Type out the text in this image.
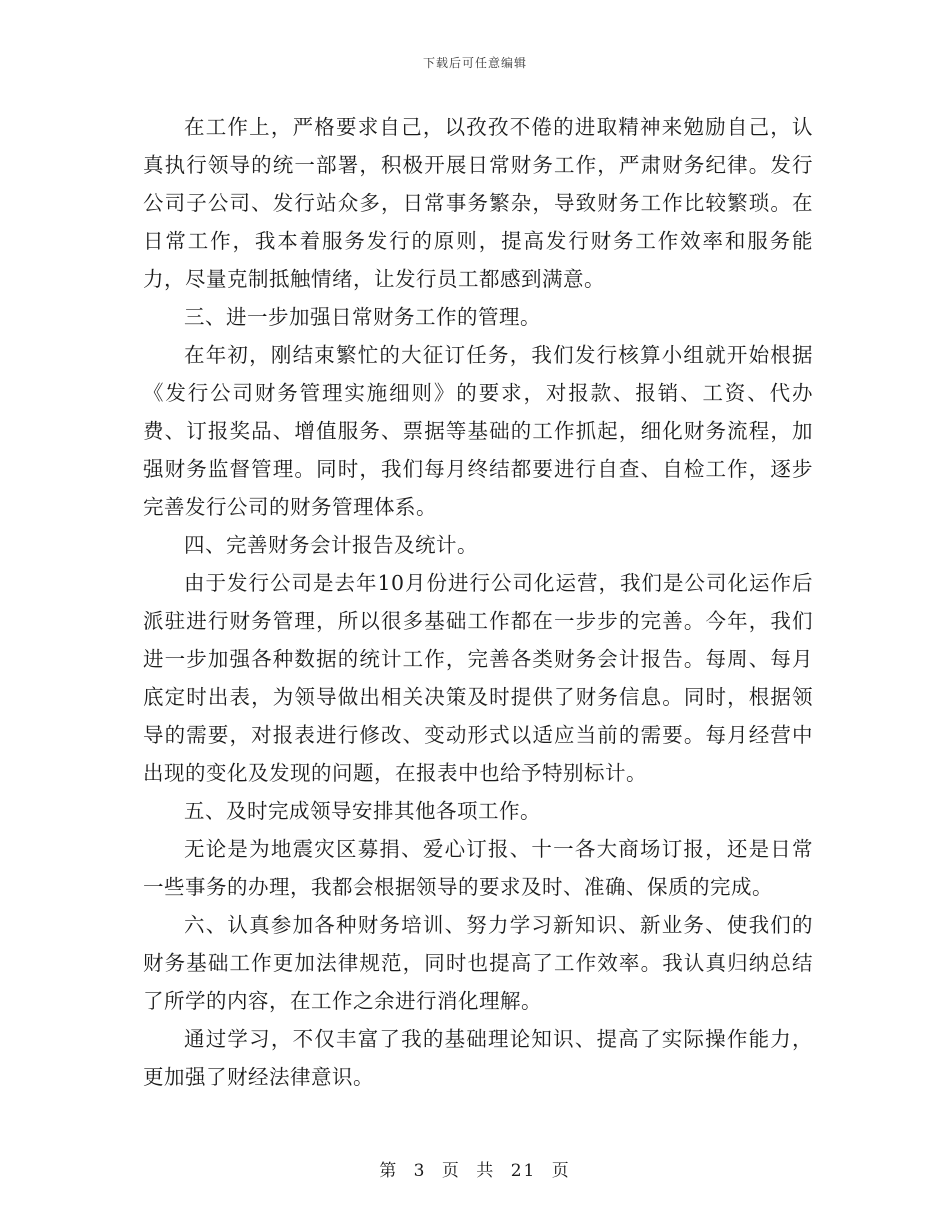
下载后可任意编辑

在工作上，严格要求自己，以孜孜不倦的进取精神来勉励自己，认真执行领导的统一部署，积极开展日常财务工作，严肃财务纪律。发行公司子公司、发行站众多，日常事务繁杂，导致财务工作比较繁琐。在日常工作，我本着服务发行的原则，提高发行财务工作效率和服务能力，尽量克制抵触情绪，让发行员工都感到满意。

三、进一步加强日常财务工作的管理。

在年初，刚结束繁忙的大征订任务，我们发行核算小组就开始根据《发行公司财务管理实施细则》的要求，对报款、报销、工资、代办费、订报奖品、增值服务、票据等基础的工作抓起，细化财务流程，加强财务监督管理。同时，我们每月终结都要进行自查、自检工作，逐步完善发行公司的财务管理体系。

四、完善财务会计报告及统计。

由于发行公司是去年10月份进行公司化运营，我们是公司化运作后派驻进行财务管理，所以很多基础工作都在一步步的完善。今年，我们进一步加强各种数据的统计工作，完善各类财务会计报告。每周、每月底定时出表，为领导做出相关决策及时提供了财务信息。同时，根据领导的需要，对报表进行修改、变动形式以适应当前的需要。每月经营中出现的变化及发现的问题，在报表中也给予特别标计。

五、及时完成领导安排其他各项工作。

无论是为地震灾区募捐、爱心订报、十一各大商场订报，还是日常一些事务的办理，我都会根据领导的要求及时、准确、保质的完成。

六、认真参加各种财务培训、努力学习新知识、新业务、使我们的财务基础工作更加法律规范，同时也提高了工作效率。我认真归纳总结了所学的内容，在工作之余进行消化理解。

通过学习，不仅丰富了我的基础理论知识、提高了实际操作能力，更加强了财经法律意识。

第 3 页 共 21 页
